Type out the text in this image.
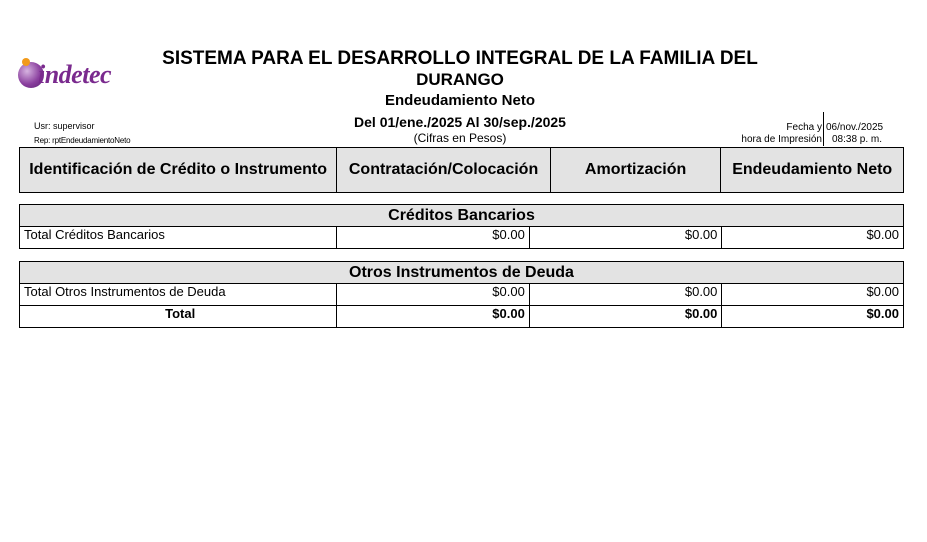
indetec
SISTEMA PARA EL DESARROLLO INTEGRAL DE LA FAMILIA DEL
DURANGO
Endeudamiento Neto
Del 01/ene./2025 Al 30/sep./2025
(Cifras en Pesos)
Usr: supervisor
Rep: rptEndeudamientoNeto
Fecha y 06/nov./2025
hora de Impresión 08:38 p. m.
Identificación de Crédito o Instrumento	Contratación/Colocación	Amortización	Endeudamiento Neto
Créditos Bancarios
Total Créditos Bancarios	$0.00	$0.00	$0.00
Otros Instrumentos de Deuda
Total Otros Instrumentos de Deuda	$0.00	$0.00	$0.00
Total	$0.00	$0.00	$0.00
